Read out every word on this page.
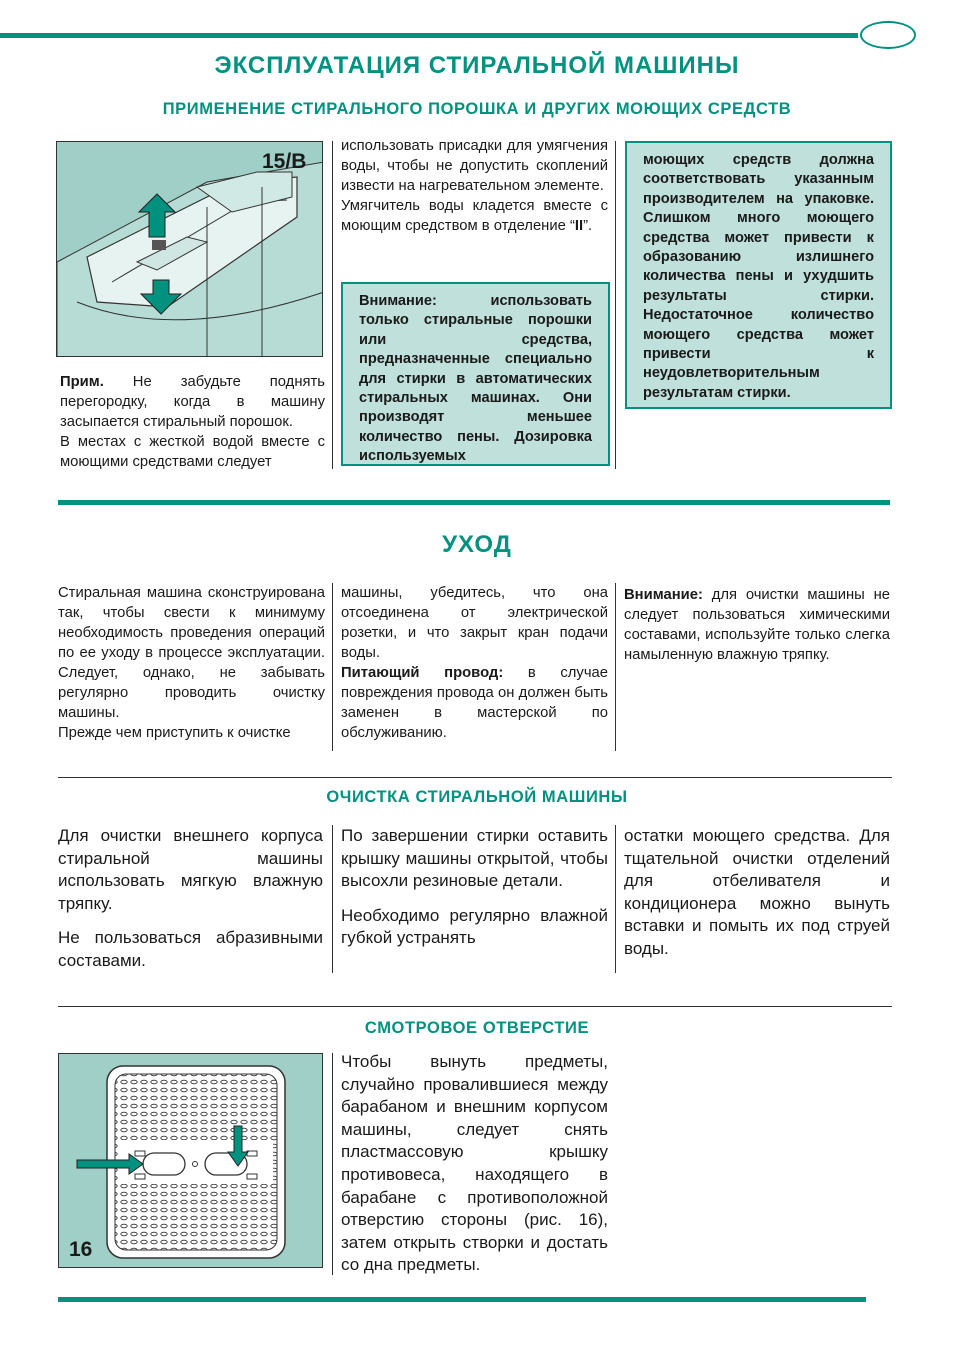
ЭКСПЛУАТАЦИЯ СТИРАЛЬНОЙ МАШИНЫ
ПРИМЕНЕНИЕ СТИРАЛЬНОГО ПОРОШКА И ДРУГИХ МОЮЩИХ СРЕДСТВ
15/B

Прим. Не забудьте поднять перегородку, когда в машину засыпается стиральный порошок.

В местах с жесткой водой вместе с моющими средствами следует

использовать присадки для умягчения воды, чтобы не допустить скоплений извести на нагревательном элементе.

Умягчитель воды кладется вместе с моющим средством в отделение “II”.

Внимание: использовать только стиральные порошки или средства, предназначенные специально для стирки в автоматических стиральных машинах. Они производят меньшее количество пены. Дозировка используемых
моющих средств должна соответствовать указанным производителем на упаковке. Слишком много моющего средства может привести к образованию излишнего количества пены и ухудшить результаты стирки. Недостаточное количество моющего средства может привести к неудовлетворительным результатам стирки.
УХОД

Стиральная машина сконструирована так, чтобы свести к минимуму необходимость проведения операций по ее уходу в процессе эксплуатации. Следует, однако, не забывать регулярно проводить очистку машины.

Прежде чем приступить к очистке

машины, убедитесь, что она отсоединена от электрической розетки, и что закрыт кран подачи воды.

Питающий провод: в случае повреждения провода он должен быть заменен в мастерской по обслуживанию.

Внимание: для очистки машины не следует пользоваться химическими составами, используйте только слегка намыленную влажную тряпку.

ОЧИСТКА СТИРАЛЬНОЙ МАШИНЫ

Для очистки внешнего корпуса стиральной машины использовать мягкую влажную тряпку.

Не пользоваться абразивными составами.

По завершении стирки оставить крышку машины открытой, чтобы высохли резиновые детали.

Необходимо регулярно влажной губкой устранять

остатки моющего средства. Для тщательной очистки отделений для отбеливателя и кондиционера можно вынуть вставки и помыть их под струей воды.

СМОТРОВОЕ ОТВЕРСТИЕ
16
Чтобы вынуть предметы, случайно провалившиеся между барабаном и внешним корпусом машины, следует снять пластмассовую крышку противовеса, находящего в барабане с противоположной отверстию стороны (рис. 16), затем открыть створки и достать со дна предметы.
